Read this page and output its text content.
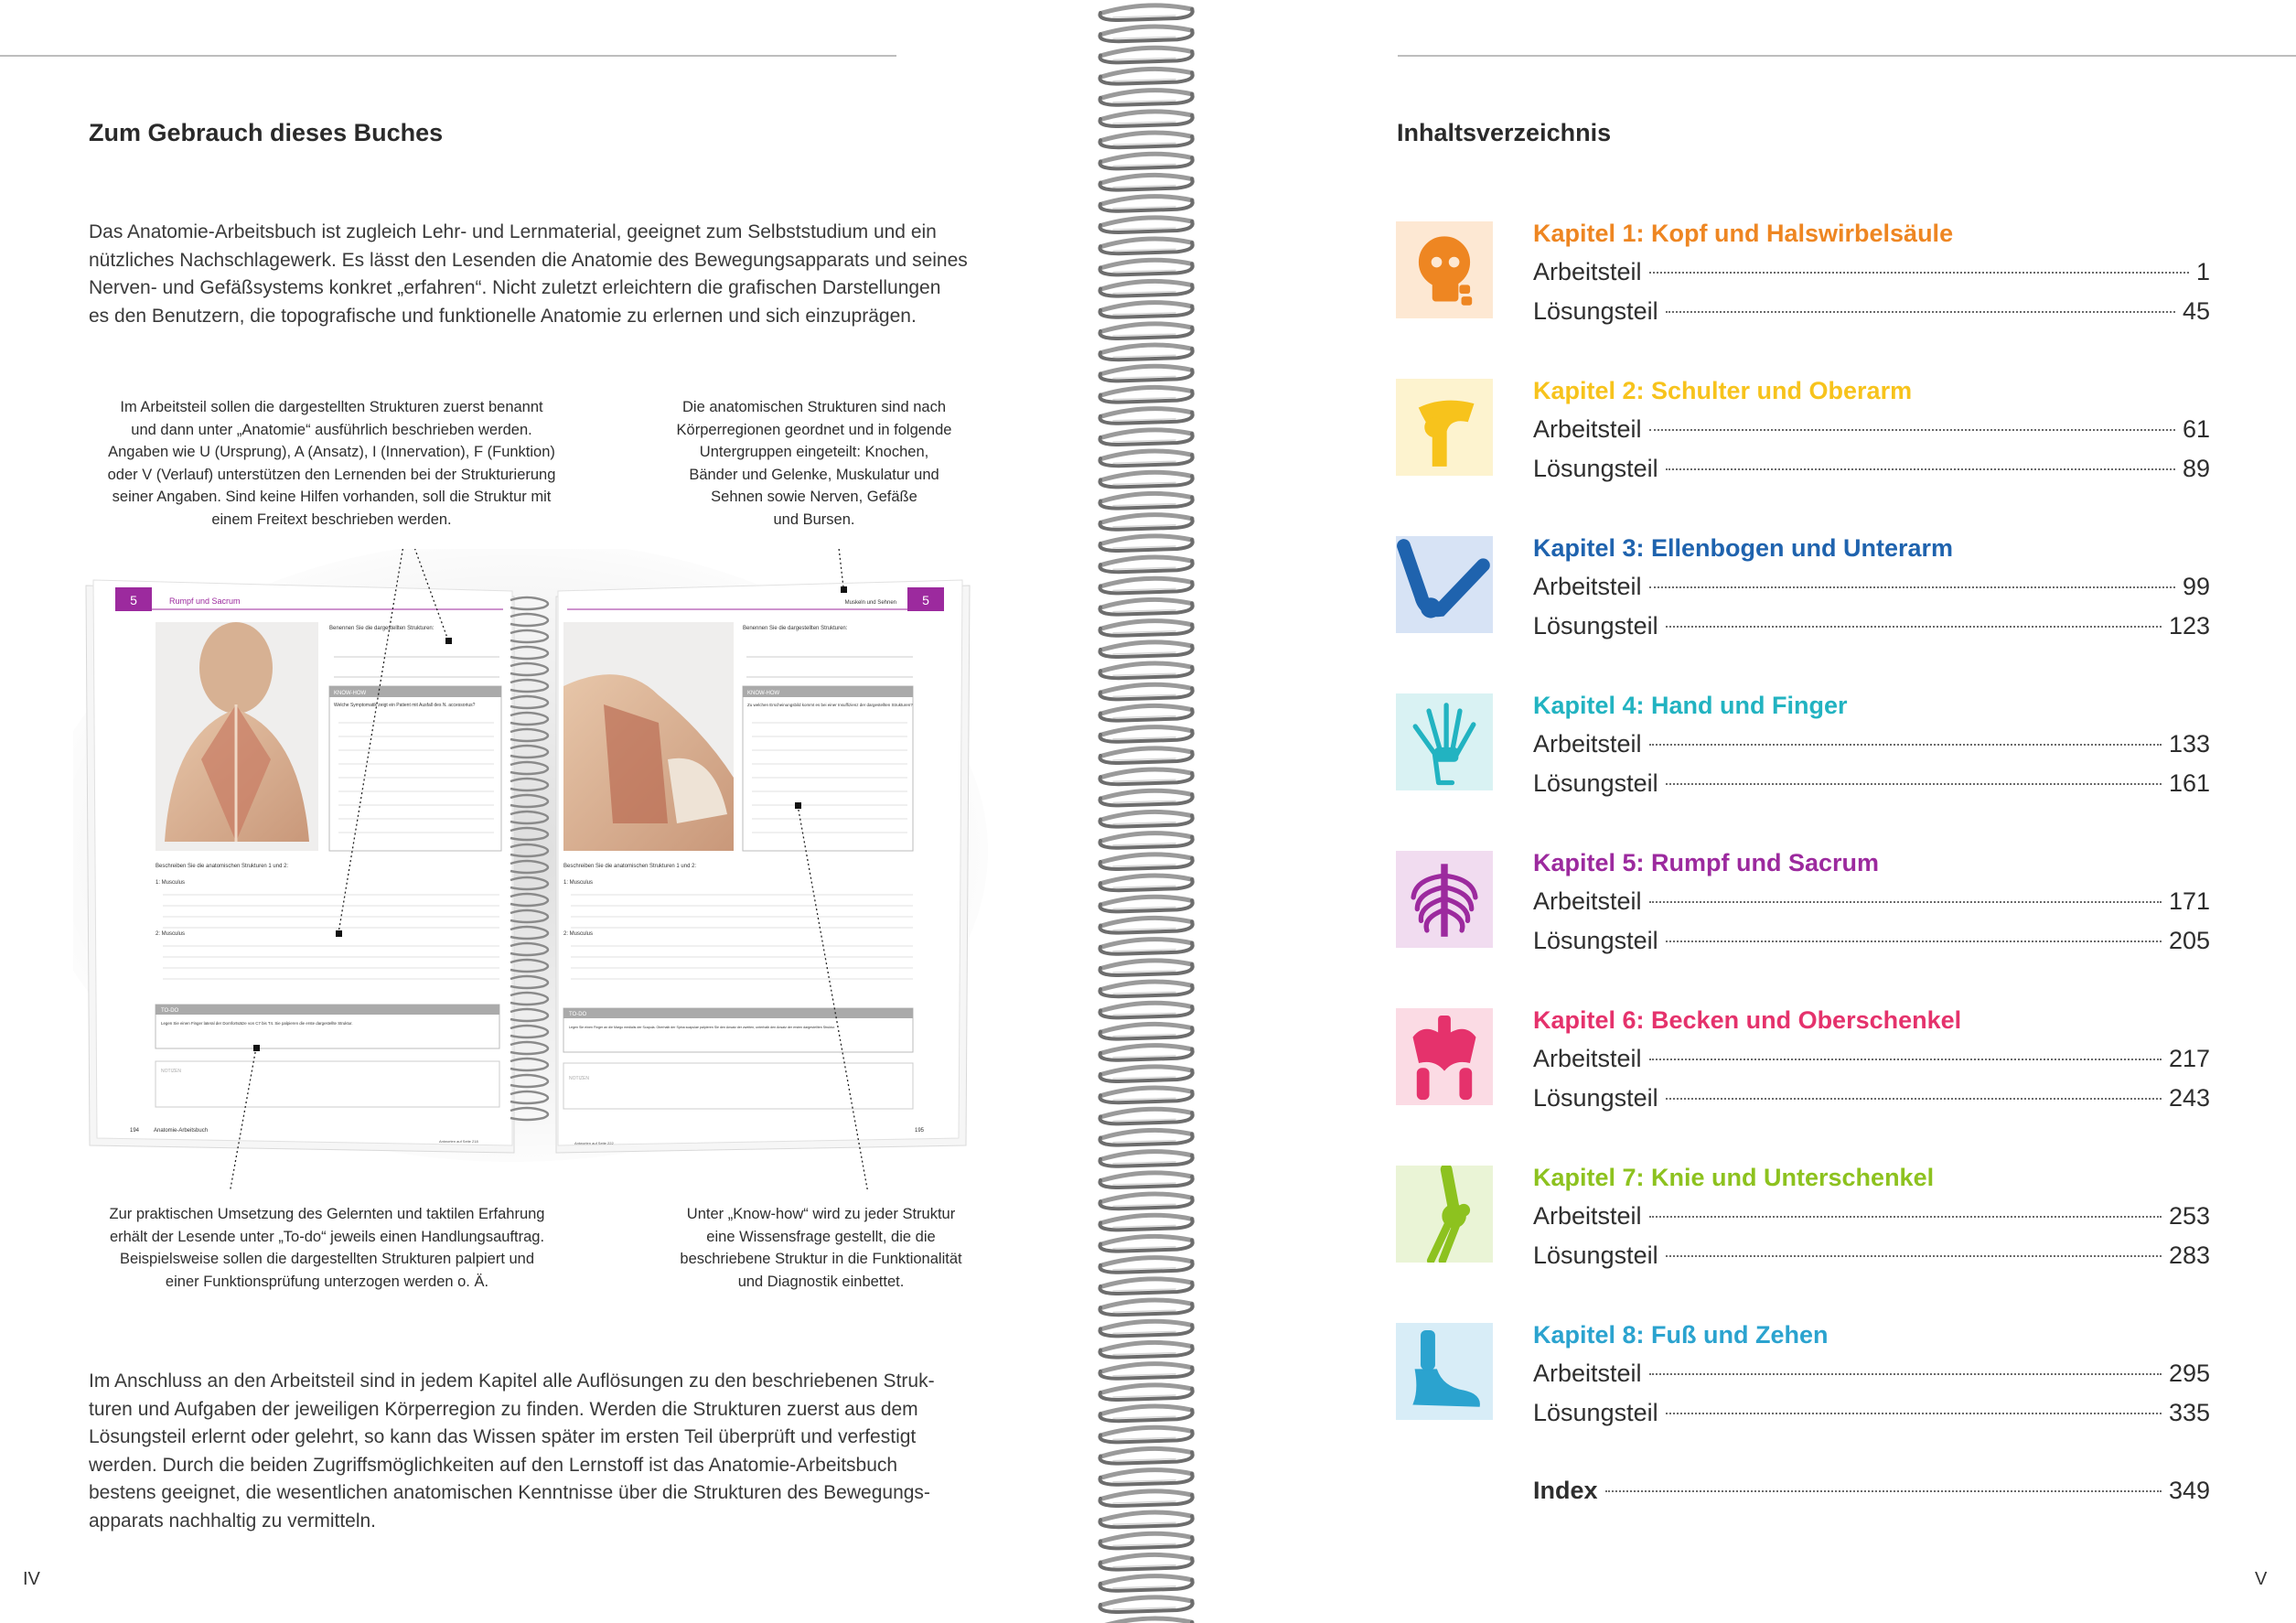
Zum Gebrauch dieses Buches
Das Anatomie-Arbeitsbuch ist zugleich Lehr- und Lernmaterial, geeignet zum Selbststudium und ein
nützliches Nachschlagewerk. Es lässt den Lesenden die Anatomie des Bewegungsapparats und seines
Nerven- und Gefäßsystems konkret „erfahren“. Nicht zuletzt erleichtern die grafischen Darstellungen
es den Benutzern, die topografische und funktionelle Anatomie zu erlernen und sich einzuprägen.
Im Arbeitsteil sollen die dargestellten Strukturen zuerst benannt
und dann unter „Anatomie“ ausführlich beschrieben werden.
Angaben wie U (Ursprung), A (Ansatz), I (Innervation), F (Funktion)
oder V (Verlauf) unterstützen den Lernenden bei der Strukturierung
seiner Angaben. Sind keine Hilfen vorhanden, soll die Struktur mit
einem Freitext beschrieben werden.
Die anatomischen Strukturen sind nach
Körperregionen geordnet und in folgende
Untergruppen eingeteilt: Knochen,
Bänder und Gelenke, Muskulatur und
Sehnen sowie Nerven, Gefäße
und Bursen.
5	Rumpf und Sacrum
Benennen Sie die dargestellten Strukturen:
KNOW-HOW
Welche Symptomatik zeigt ein Patient mit Ausfall des N. accessorius?
Beschreiben Sie die anatomischen Strukturen 1 und 2:
1: Musculus
2: Musculus
TO-DO
Legen Sie einen Finger lateral der Dornfortsätze von C7 bis T4. Sie palpieren die erste dargestellte Struktur.
NOTIZEN
194	Anatomie-Arbeitsbuch
Antworten auf Seite 218
5
Muskeln und Sehnen
Benennen Sie die dargestellten Strukturen:
KNOW-HOW
Zu welchen Erscheinungsbild kommt es bei einer Insuffizienz der dargestellten Strukturen?
Beschreiben Sie die anatomischen Strukturen 1 und 2:
1: Musculus
2: Musculus
TO-DO
Legen Sie einen Finger an die Margo medialis der Scapula. Oberhalb der Spina scapulae palpieren Sie den Ansatz der zweiten, unterhalb den Ansatz der ersten dargestellten Struktur.
NOTIZEN
Antworten auf Seite 222
195
Zur praktischen Umsetzung des Gelernten und taktilen Erfahrung
erhält der Lesende unter „To-do“ jeweils einen Handlungsauftrag.
Beispielsweise sollen die dargestellten Strukturen palpiert und
einer Funktionsprüfung unterzogen werden o. Ä.
Unter „Know-how“ wird zu jeder Struktur
eine Wissensfrage gestellt, die die
beschriebene Struktur in die Funktionalität
und Diagnostik einbettet.
Im Anschluss an den Arbeitsteil sind in jedem Kapitel alle Auflösungen zu den beschriebenen Struk-
turen und Aufgaben der jeweiligen Körperregion zu finden. Werden die Strukturen zuerst aus dem
Lösungsteil erlernt oder gelehrt, so kann das Wissen später im ersten Teil überprüft und verfestigt
werden. Durch die beiden Zugriffsmöglichkeiten auf den Lernstoff ist das Anatomie-Arbeitsbuch
bestens geeignet, die wesentlichen anatomischen Kenntnisse über die Strukturen des Bewegungs-
apparats nachhaltig zu vermitteln.
IV
Inhaltsverzeichnis
Kapitel 1: Kopf und Halswirbelsäule
Arbeitsteil	1
Lösungsteil	45
Kapitel 2: Schulter und Oberarm
Arbeitsteil	61
Lösungsteil	89
Kapitel 3: Ellenbogen und Unterarm
Arbeitsteil	99
Lösungsteil	123
Kapitel 4: Hand und Finger
Arbeitsteil	133
Lösungsteil	161
Kapitel 5: Rumpf und Sacrum
Arbeitsteil	171
Lösungsteil	205
Kapitel 6: Becken und Oberschenkel
Arbeitsteil	217
Lösungsteil	243
Kapitel 7: Knie und Unterschenkel
Arbeitsteil	253
Lösungsteil	283
Kapitel 8: Fuß und Zehen
Arbeitsteil	295
Lösungsteil	335
Index	349
V
